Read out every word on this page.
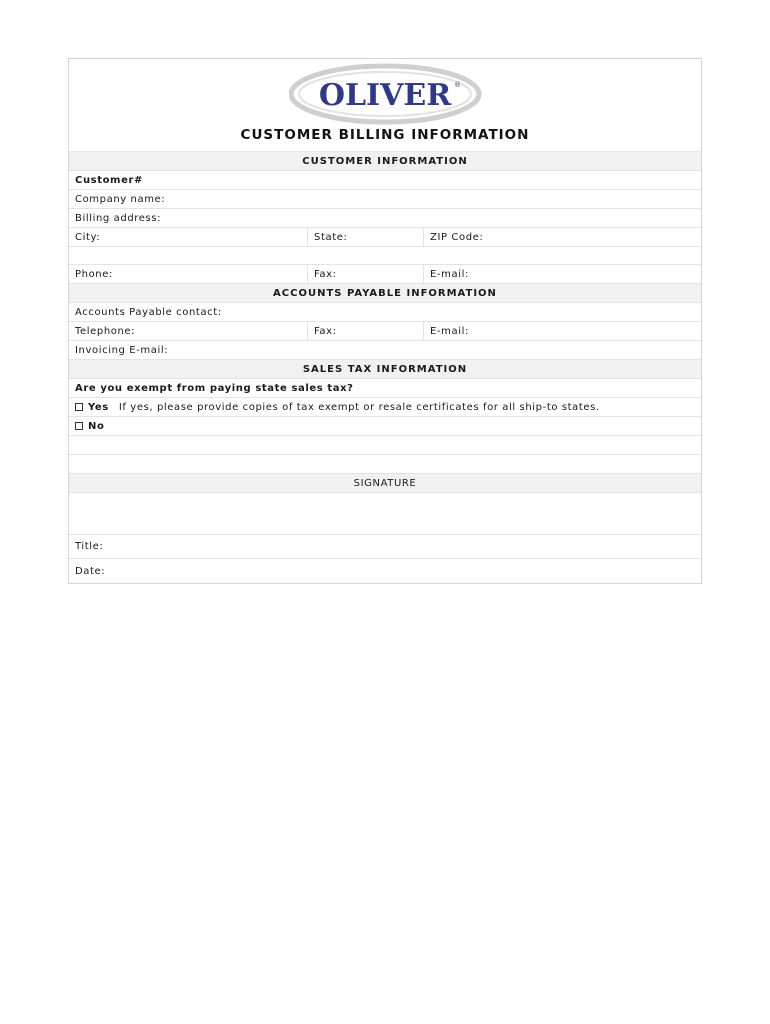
OLIVER ®
CUSTOMER BILLING INFORMATION
CUSTOMER INFORMATION
Customer#
Company name:
Billing address:
City:	State:	ZIP Code:
Phone:	Fax:	E-mail:
ACCOUNTS PAYABLE INFORMATION
Accounts Payable contact:
Telephone:	Fax:	E-mail:
Invoicing E-mail:
SALES TAX INFORMATION
Are you exempt from paying state sales tax?
Yes If yes, please provide copies of tax exempt or resale certificates for all ship-to states.
No
SIGNATURE
Title:
Date:
